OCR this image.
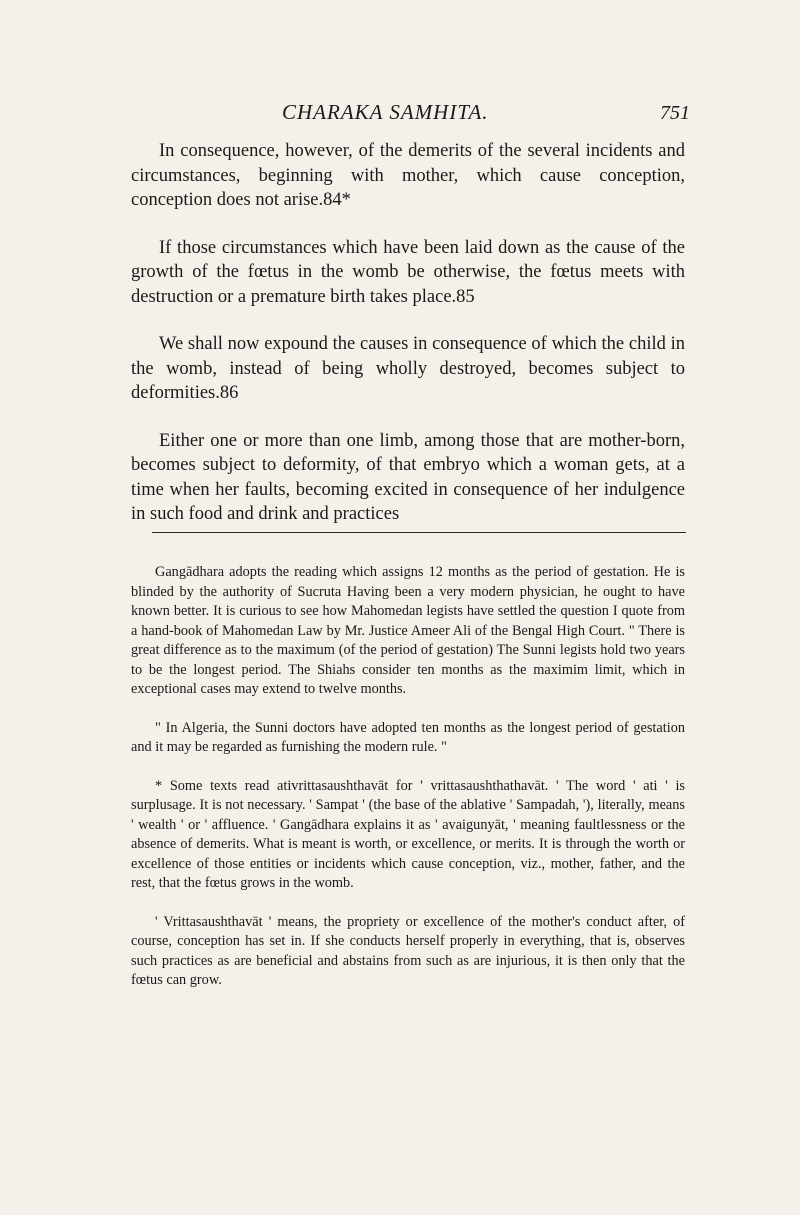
CHARAKA SAMHITA.	751

In consequence, however, of the demerits of the several incidents and circumstances, beginning with mother, which cause conception, conception does not arise.84*

If those circumstances which have been laid down as the cause of the growth of the fœtus in the womb be otherwise, the fœtus meets with destruction or a premature birth takes place.85

We shall now expound the causes in consequence of which the child in the womb, instead of being wholly destroyed, becomes subject to deformities.86

Either one or more than one limb, among those that are mother-born, becomes subject to deformity, of that embryo which a woman gets, at a time when her faults, becoming excited in consequence of her indulgence in such food and drink and practices

Gangādhara adopts the reading which assigns 12 months as the period of gestation. He is blinded by the authority of Sucruta Having been a very modern physician, he ought to have known better. It is curious to see how Mahomedan legists have settled the question I quote from a hand-book of Mahomedan Law by Mr. Justice Ameer Ali of the Bengal High Court. " There is great difference as to the maximum (of the period of gestation) The Sunni legists hold two years to be the longest period. The Shiahs consider ten months as the maximim limit, which in exceptional cases may extend to twelve months.

" In Algeria, the Sunni doctors have adopted ten months as the longest period of gestation and it may be regarded as furnishing the modern rule. "

* Some texts read ativrittasaushthavāt for ' vrittasaushthathavāt. ' The word ' ati ' is surplusage. It is not necessary. ' Sampat ' (the base of the ablative ' Sampadah, '), literally, means ' wealth ' or ' affluence. ' Gangādhara explains it as ' avaigunyāt, ' meaning faultlessness or the absence of demerits. What is meant is worth, or excellence, or merits. It is through the worth or excellence of those entities or incidents which cause conception, viz., mother, father, and the rest, that the fœtus grows in the womb.

' Vrittasaushthavāt ' means, the propriety or excellence of the mother's conduct after, of course, conception has set in. If she conducts herself properly in everything, that is, observes such practices as are beneficial and abstains from such as are injurious, it is then only that the fœtus can grow.
